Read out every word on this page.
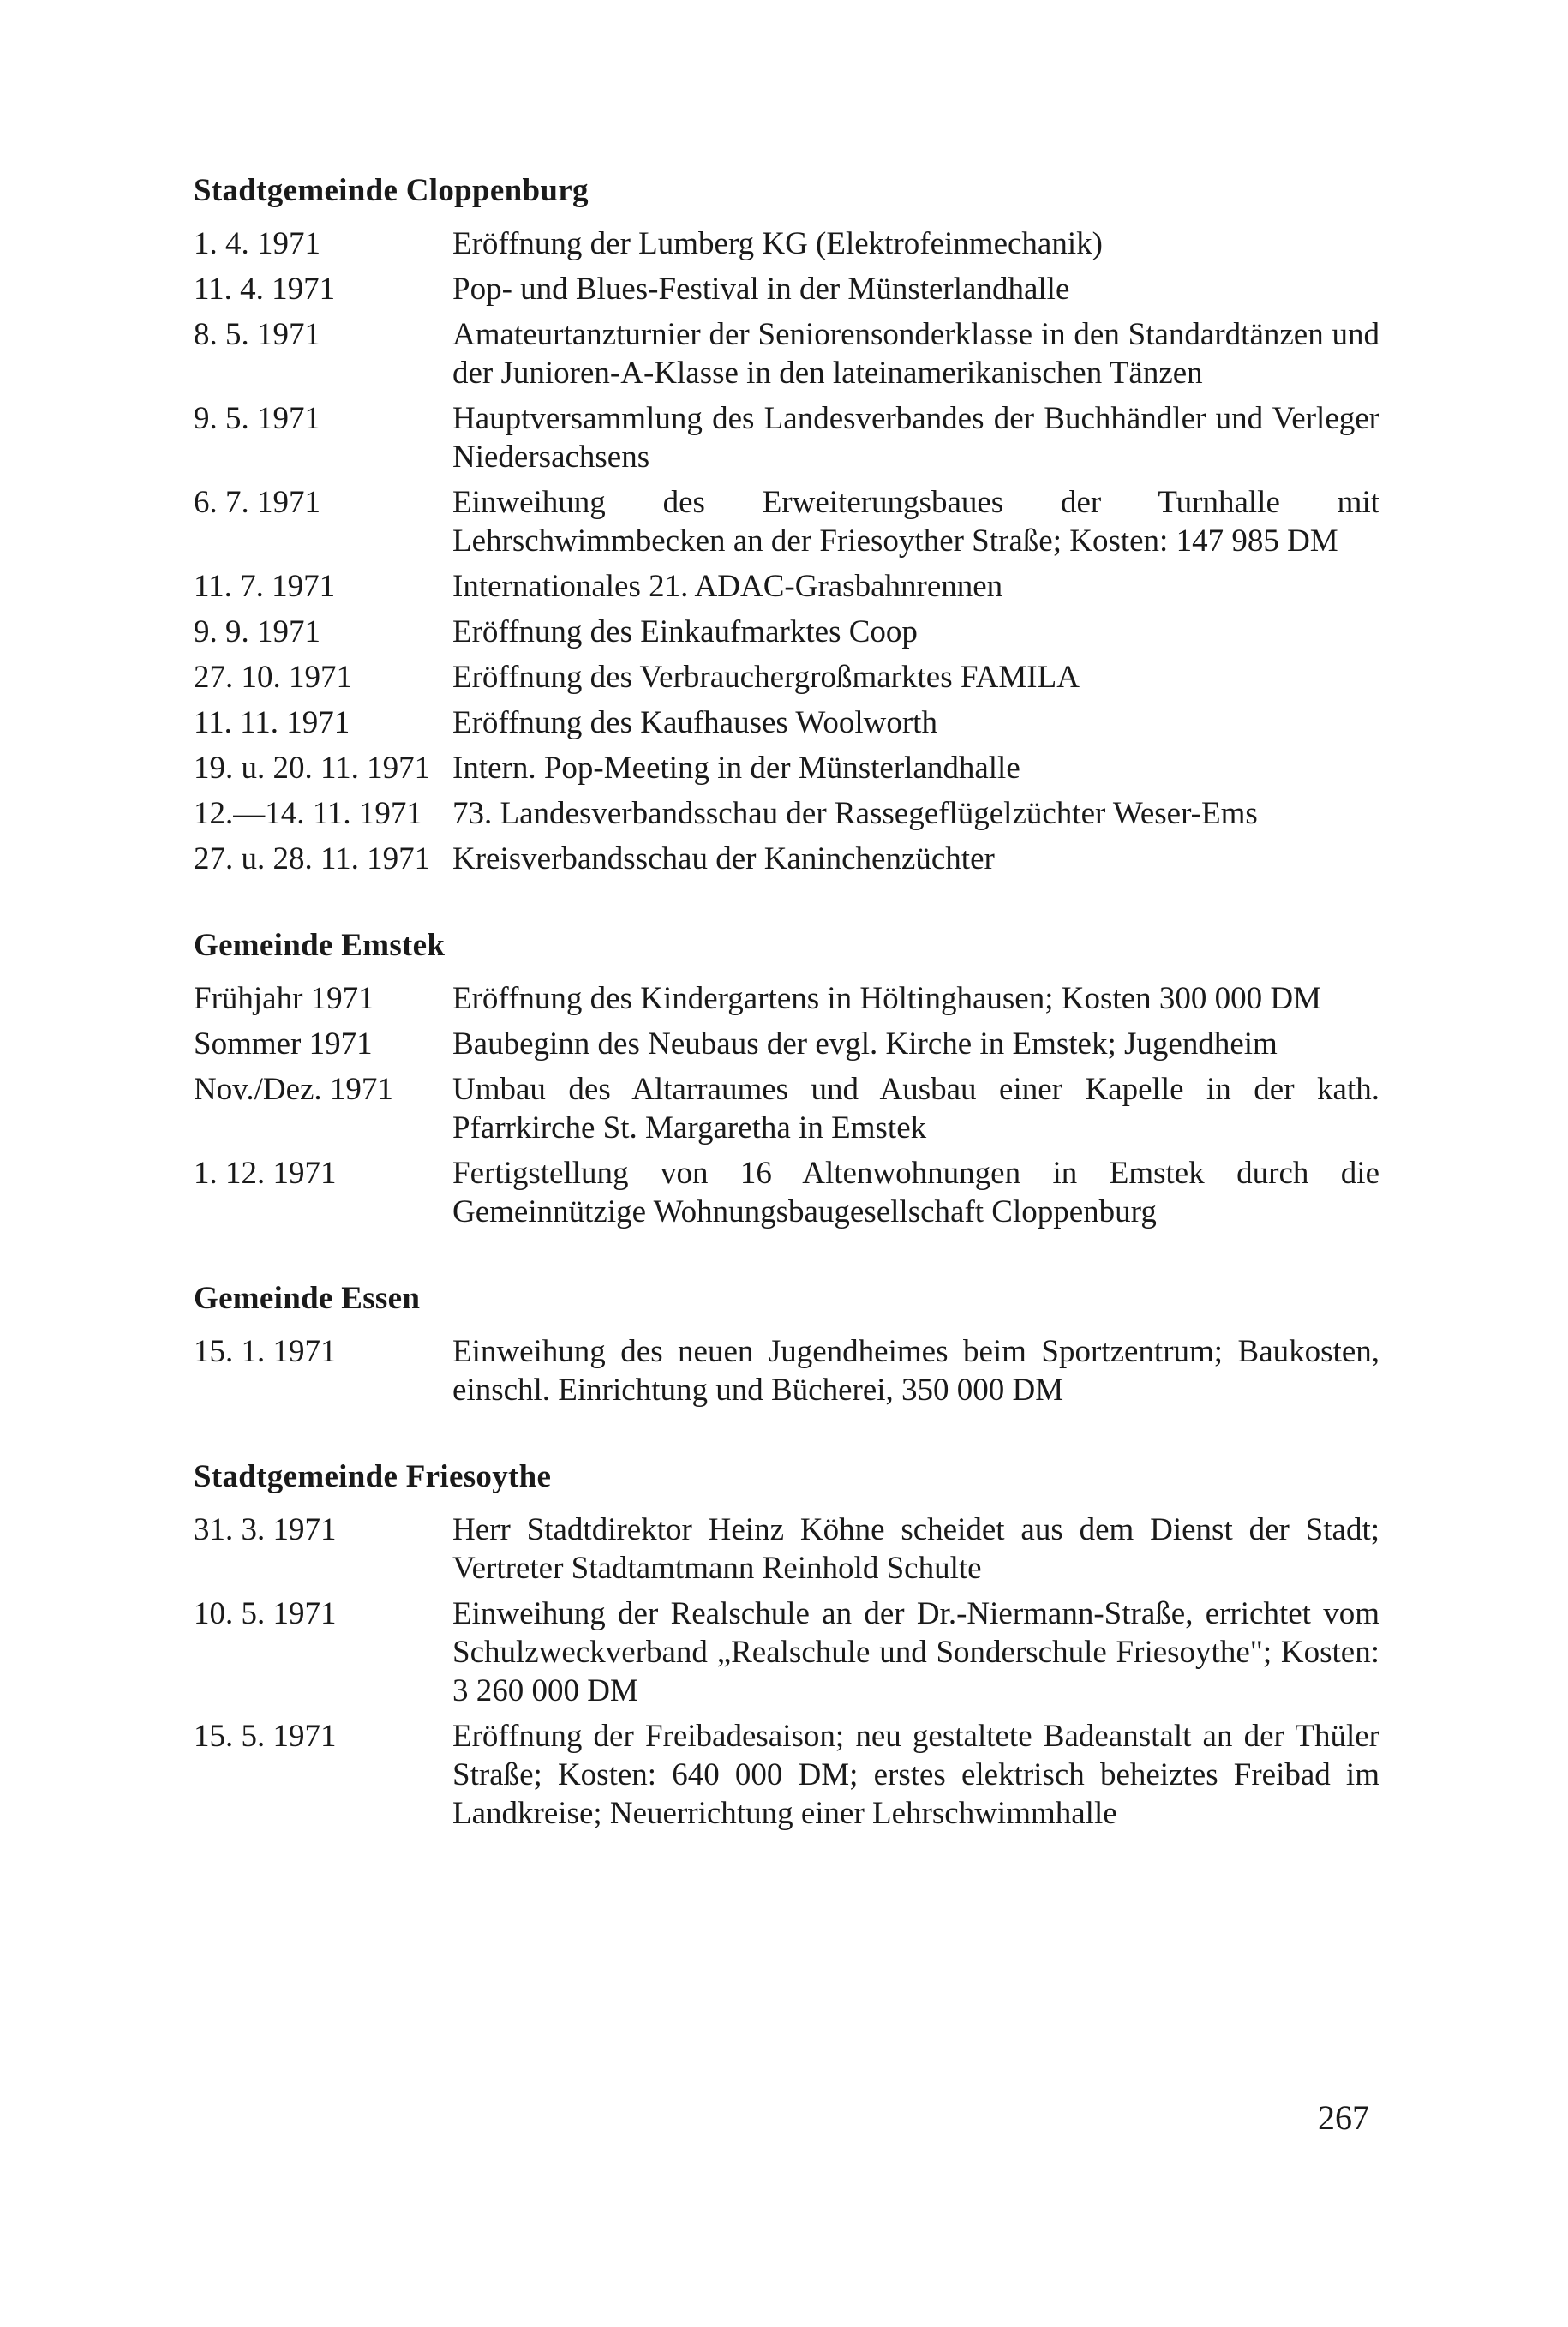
Stadtgemeinde Cloppenburg
1. 4. 1971	Eröffnung der Lumberg KG (Elektrofeinmechanik)
11. 4. 1971	Pop- und Blues-Festival in der Münsterlandhalle
8. 5. 1971	Amateurtanzturnier der Seniorensonderklasse in den Standardtänzen und der Junioren-A-Klasse in den lateinamerikanischen Tänzen
9. 5. 1971	Hauptversammlung des Landesverbandes der Buchhändler und Verleger Niedersachsens
6. 7. 1971	Einweihung des Erweiterungsbaues der Turnhalle mit Lehrschwimmbecken an der Friesoyther Straße; Kosten: 147 985 DM
11. 7. 1971	Internationales 21. ADAC-Grasbahnrennen
9. 9. 1971	Eröffnung des Einkaufmarktes Coop
27. 10. 1971	Eröffnung des Verbrauchergroßmarktes FAMILA
11. 11. 1971	Eröffnung des Kaufhauses Woolworth
19. u. 20. 11. 1971 Intern. Pop-Meeting in der Münsterlandhalle
12.—14. 11. 1971 73. Landesverbandsschau der Rassegeflügelzüchter Weser-Ems
27. u. 28. 11. 1971 Kreisverbandsschau der Kaninchenzüchter
Gemeinde Emstek
Frühjahr 1971	Eröffnung des Kindergartens in Höltinghausen; Kosten 300 000 DM
Sommer 1971	Baubeginn des Neubaus der evgl. Kirche in Emstek; Jugendheim
Nov./Dez. 1971	Umbau des Altarraumes und Ausbau einer Kapelle in der kath. Pfarrkirche St. Margaretha in Emstek
1. 12. 1971	Fertigstellung von 16 Altenwohnungen in Emstek durch die Gemeinnützige Wohnungsbaugesellschaft Cloppenburg
Gemeinde Essen
15. 1. 1971	Einweihung des neuen Jugendheimes beim Sportzentrum; Baukosten, einschl. Einrichtung und Bücherei, 350 000 DM
Stadtgemeinde Friesoythe
31. 3. 1971	Herr Stadtdirektor Heinz Köhne scheidet aus dem Dienst der Stadt; Vertreter Stadtamtmann Reinhold Schulte
10. 5. 1971	Einweihung der Realschule an der Dr.-Niermann-Straße, errichtet vom Schulzweckverband „Realschule und Sonderschule Friesoythe"; Kosten: 3 260 000 DM
15. 5. 1971	Eröffnung der Freibadesaison; neu gestaltete Badeanstalt an der Thüler Straße; Kosten: 640 000 DM; erstes elektrisch beheiztes Freibad im Landkreise; Neuerrichtung einer Lehrschwimmhalle
267
